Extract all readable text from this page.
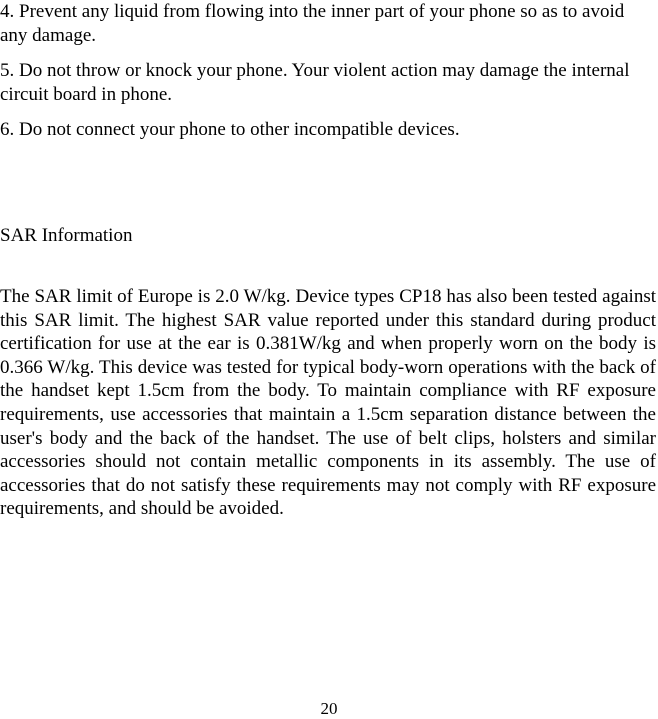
4. Prevent any liquid from flowing into the inner part of your phone so as to avoid any damage.

5. Do not throw or knock your phone. Your violent action may damage the internal circuit board in phone.

6. Do not connect your phone to other incompatible devices.

SAR Information

The SAR limit of Europe is 2.0 W/kg. Device types CP18 has also been tested against this SAR limit. The highest SAR value reported under this standard during product certification for use at the ear is 0.381W/kg and when properly worn on the body is 0.366 W/kg. This device was tested for typical body-worn operations with the back of the handset kept 1.5cm from the body. To maintain compliance with RF exposure requirements, use accessories that maintain a 1.5cm separation distance between the user's body and the back of the handset. The use of belt clips, holsters and similar accessories should not contain metallic components in its assembly. The use of accessories that do not satisfy these requirements may not comply with RF exposure requirements, and should be avoided.

20
